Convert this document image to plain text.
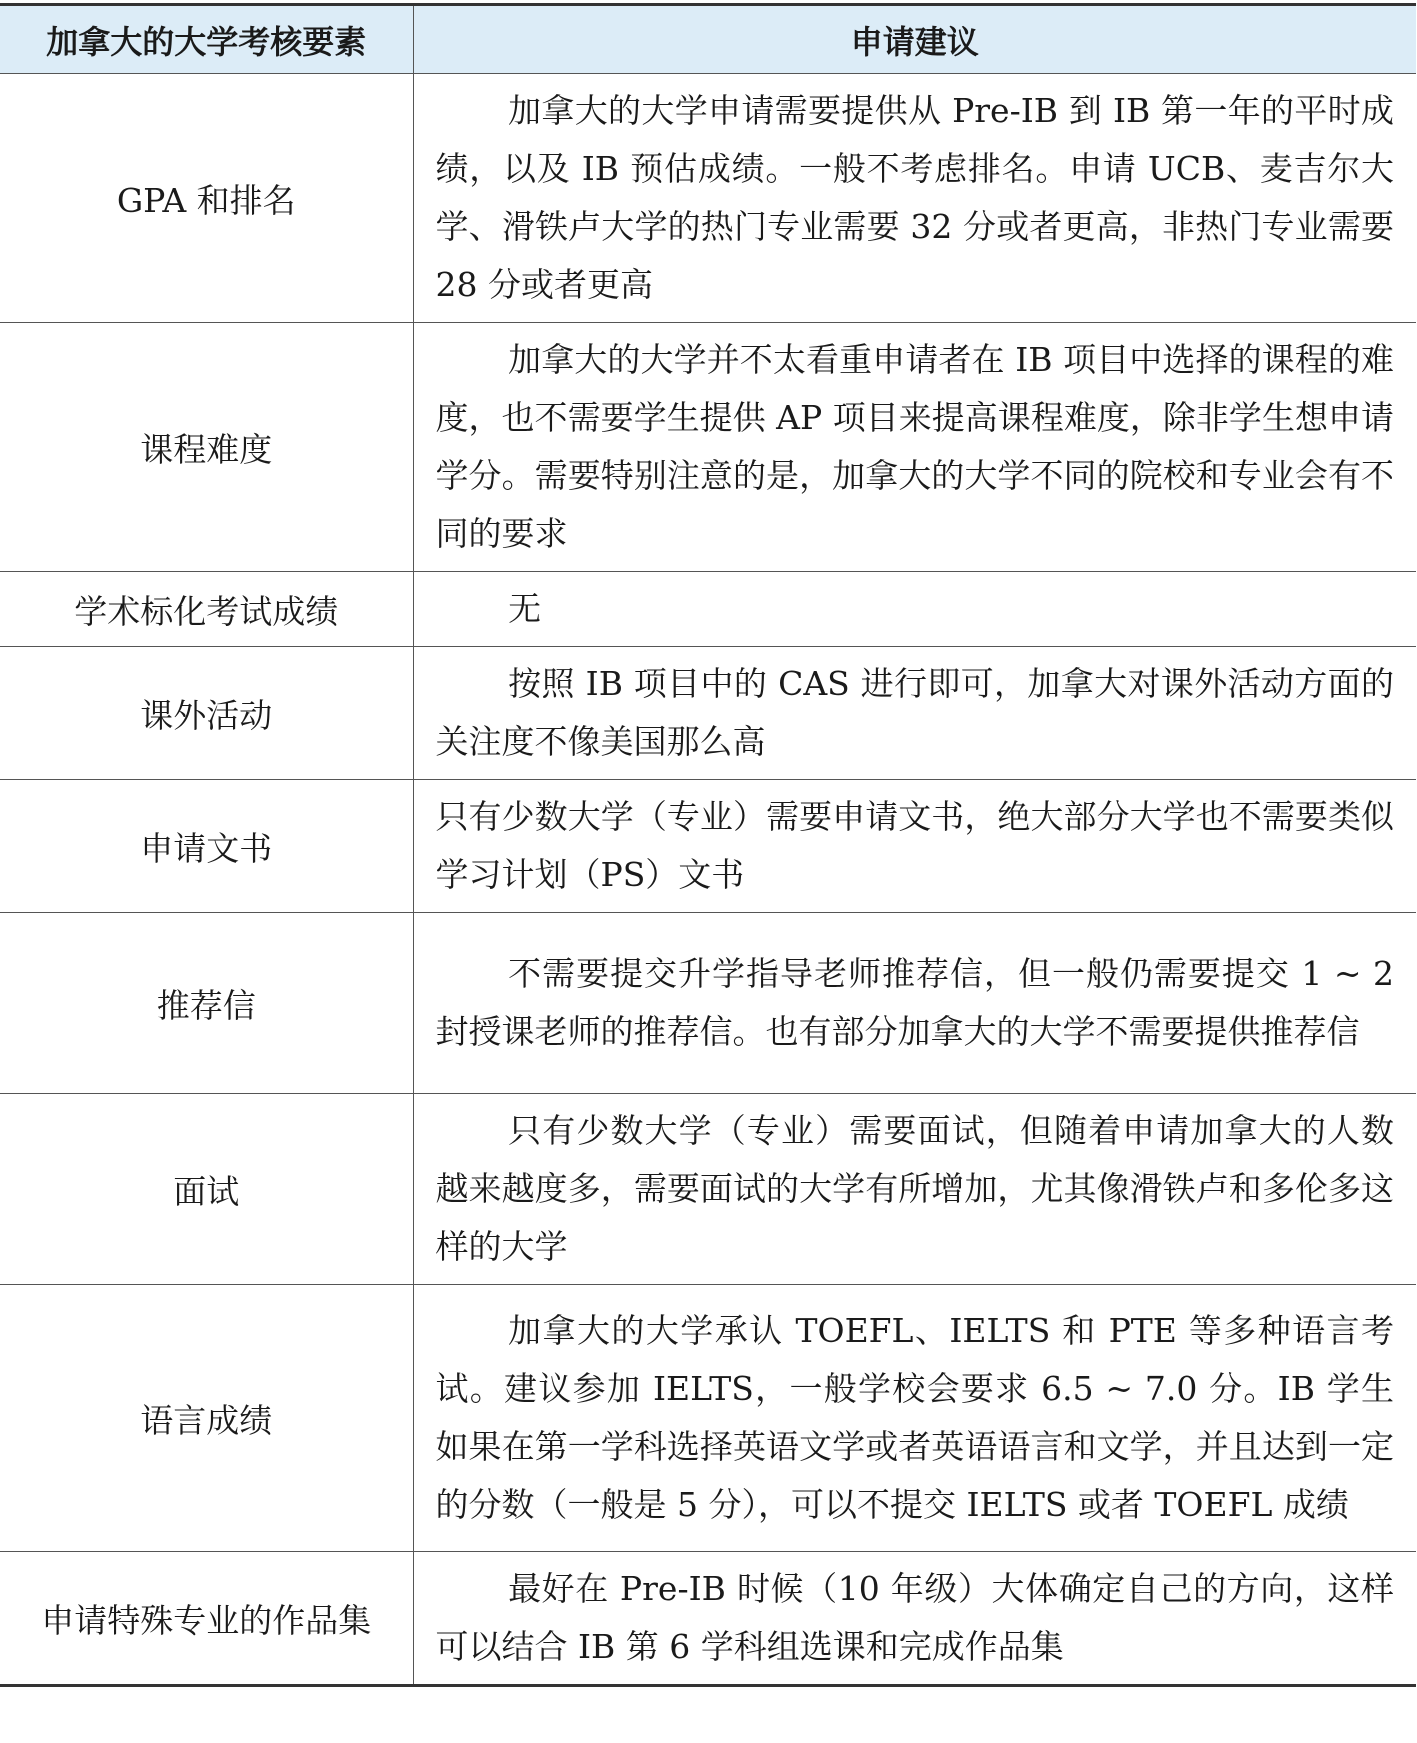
加拿大的大学考核要素	申请建议
GPA 和排名	加拿大的大学申请需要提供从 Pre-IB 到 IB 第一年的平时成绩，以及 IB 预估成绩。一般不考虑排名。申请 UCB、麦吉尔大学、滑铁卢大学的热门专业需要 32 分或者更高，非热门专业需要 28 分或者更高
课程难度	加拿大的大学并不太看重申请者在 IB 项目中选择的课程的难度，也不需要学生提供 AP 项目来提高课程难度，除非学生想申请学分。需要特别注意的是，加拿大的大学不同的院校和专业会有不同的要求
学术标化考试成绩	无
课外活动	按照 IB 项目中的 CAS 进行即可，加拿大对课外活动方面的关注度不像美国那么高
申请文书	只有少数大学（专业）需要申请文书，绝大部分大学也不需要类似学习计划（PS）文书
推荐信	不需要提交升学指导老师推荐信，但一般仍需要提交 1 ~ 2 封授课老师的推荐信。也有部分加拿大的大学不需要提供推荐信
面试	只有少数大学（专业）需要面试，但随着申请加拿大的人数越来越度多，需要面试的大学有所增加，尤其像滑铁卢和多伦多这样的大学
语言成绩	加拿大的大学承认 TOEFL、IELTS 和 PTE 等多种语言考试。建议参加 IELTS，一般学校会要求 6.5 ~ 7.0 分。IB 学生如果在第一学科选择英语文学或者英语语言和文学，并且达到一定的分数（一般是 5 分），可以不提交 IELTS 或者 TOEFL 成绩
申请特殊专业的作品集	最好在 Pre-IB 时候（10 年级）大体确定自己的方向，这样可以结合 IB 第 6 学科组选课和完成作品集
